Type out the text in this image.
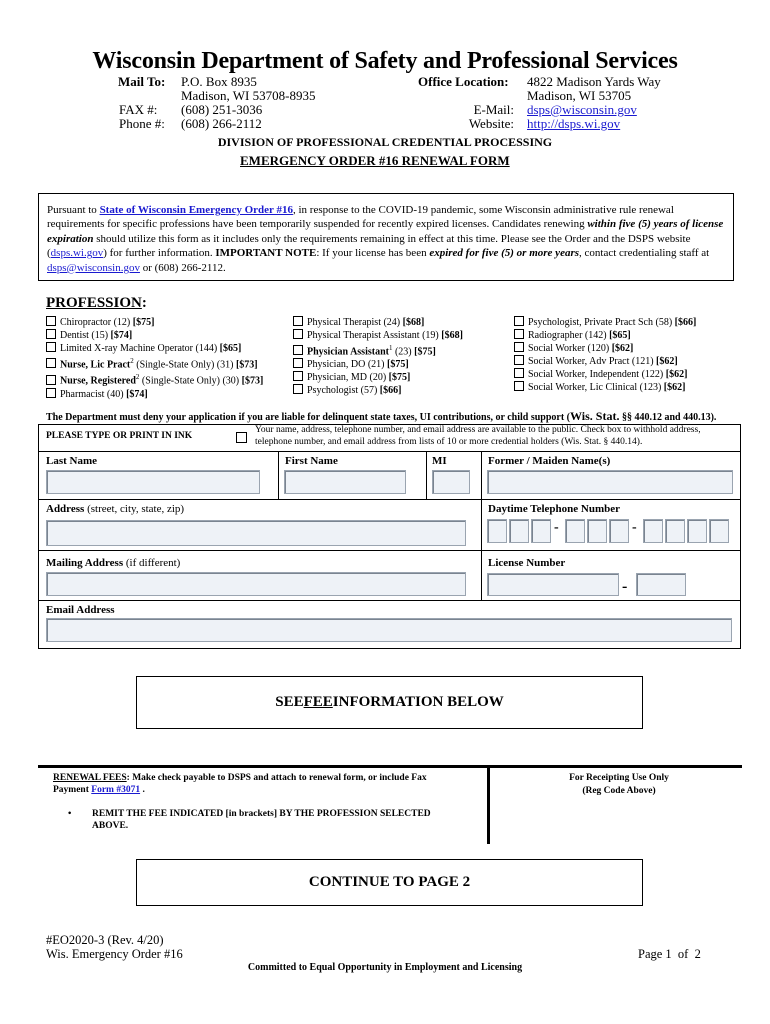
Wisconsin Department of Safety and Professional Services
Mail To: P.O. Box 8935
Madison, WI 53708-8935
FAX #: (608) 251-3036
Phone #: (608) 266-2112
Office Location: 4822 Madison Yards Way
Madison, WI 53705
E-Mail: dsps@wisconsin.gov
Website: http://dsps.wi.gov
DIVISION OF PROFESSIONAL CREDENTIAL PROCESSING
EMERGENCY ORDER #16 RENEWAL FORM
Pursuant to State of Wisconsin Emergency Order #16, in response to the COVID-19 pandemic, some Wisconsin administrative rule renewal requirements for specific professions have been temporarily suspended for recently expired licenses. Candidates renewing within five (5) years of license expiration should utilize this form as it includes only the requirements remaining in effect at this time. Please see the Order and the DSPS website (dsps.wi.gov) for further information. IMPORTANT NOTE: If your license has been expired for five (5) or more years, contact credentialing staff at dsps@wisconsin.gov or (608) 266-2112.
PROFESSION:
Chiropractor (12) [$75]
Dentist (15) [$74]
Limited X-ray Machine Operator (144) [$65]
Nurse, Lic Pract$^2$ (Single-State Only) (31) [$73]
Nurse, Registered$^2$ (Single-State Only) (30) [$73]
Pharmacist (40) [$74]
Physical Therapist (24) [$68]
Physical Therapist Assistant (19) [$68]
Physician Assistant$^1$ (23) [$75]
Physician, DO (21) [$75]
Physician, MD (20) [$75]
Psychologist (57) [$66]
Psychologist, Private Pract Sch (58) [$66]
Radiographer (142) [$65]
Social Worker (120) [$62]
Social Worker, Adv Pract (121) [$62]
Social Worker, Independent (122) [$62]
Social Worker, Lic Clinical (123) [$62]
The Department must deny your application if you are liable for delinquent state taxes, UI contributions, or child support (Wis. Stat. §§ 440.12 and 440.13).
PLEASE TYPE OR PRINT IN INK
Your name, address, telephone number, and email address are available to the public. Check box to withhold address, telephone number, and email address from lists of 10 or more credential holders (Wis. Stat. § 440.14).
Last Name	First Name	MI	Former / Maiden Name(s)
Address (street, city, state, zip)	Daytime Telephone Number
-	-
Mailing Address (if different)	License Number
-
Email Address
SEE FEE INFORMATION BELOW
RENEWAL FEES: Make check payable to DSPS and attach to renewal form, or include Fax Payment Form #3071 .
• REMIT THE FEE INDICATED [in brackets] BY THE PROFESSION SELECTED ABOVE.
For Receipting Use Only
(Reg Code Above)
CONTINUE TO PAGE 2
#EO2020-3 (Rev. 4/20)
Wis. Emergency Order #16	Page 1  of  2
Committed to Equal Opportunity in Employment and Licensing
